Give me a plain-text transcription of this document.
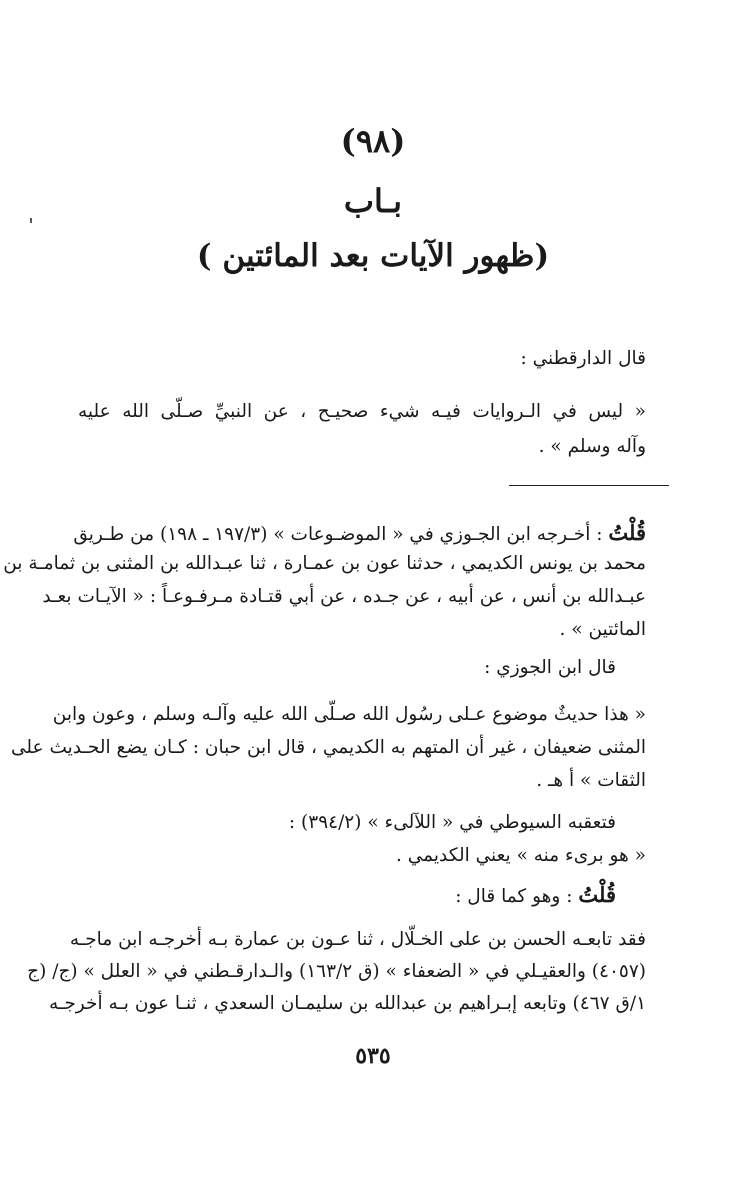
(٩٨)
بـاب
(ظهور الآيات بعد المائتين )
قال الدارقطني :
« ليس في الـروايات فيـه شيء صحيـح ، عن النبيِّ صـلّى الله عليه
وآله وسلم » .
قُلْتُ : أخـرجه ابن الجـوزي في « الموضـوعات » (١٩٧/٣ ـ ١٩٨) من طـريق
محمد بن يونس الكديمي ، حدثنا عون بن عمـارة ، ثنا عبـدالله بن المثنى بن ثمامـة بن
عبـدالله بن أنس ، عن أبيه ، عن جـده ، عن أبي قتـادة مـرفـوعـاً : « الآيـات بعـد
المائتين » .
قال ابن الجوزي :
« هذا حديثٌ موضوع عـلى رسُول الله صـلّى الله عليه وآلـه وسلم ، وعون وابن
المثنى ضعيفان ، غير أن المتهم به الكديمي ، قال ابن حبان : كـان يضع الحـديث على
الثقات » أ هـ .
فتعقبه السيوطي في « اللآلىء » (٣٩٤/٢) :
« هو برىء منه » يعني الكديمي .
قُلْتُ : وهو كما قال :
فقد تابعـه الحسن بن على الخـلّال ، ثنا عـون بن عمارة بـه أخرجـه ابن ماجـه
(٤٠٥٧) والعقيـلي في « الضعفاء » (ق ١٦٣/٢) والـدارقـطني في « العلل » (ج/ (ج
١/ق ٤٦٧) وتابعه إبـراهيم بن عبدالله بن سليمـان السعدي ، ثنـا عون بـه أخرجـه
٥٣٥
